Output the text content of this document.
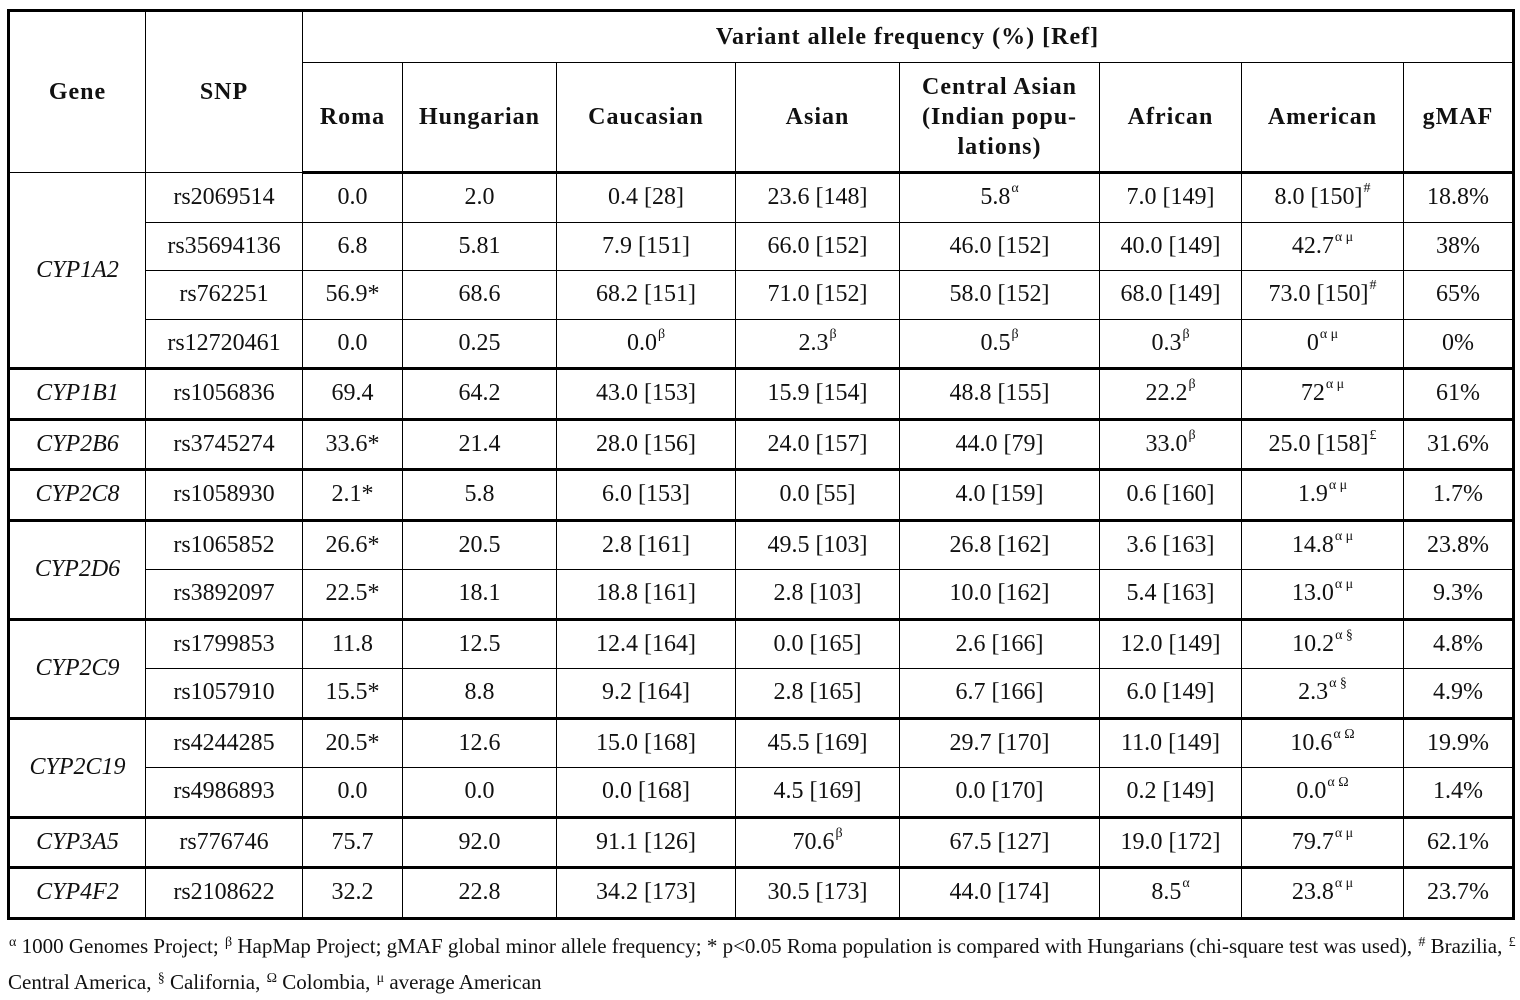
Gene	SNP	Variant allele frequency (%) [Ref]							
		Roma	Hungarian	Caucasian	Asian	Central Asian (Indian popu-lations)	African	American	gMAF
CYP1A2	rs2069514	0.0	2.0	0.4 [28]	23.6 [148]	$5.8^\alpha$	7.0 [149]	8.0 [150]#	18.8%
	rs35694136	6.8	5.81	7.9 [151]	66.0 [152]	46.0 [152]	40.0 [149]	$42.7^{\alpha \mu}$	38%
	rs762251	56.9*	68.6	68.2 [151]	71.0 [152]	58.0 [152]	68.0 [149]	73.0 [150]#	65%
	rs12720461	0.0	0.25	$0.0^\beta$	$2.3^\beta$	$0.5^\beta$	$0.3^\beta$	$0^{\alpha \mu}$	0%
CYP1B1	rs1056836	69.4	64.2	43.0 [153]	15.9 [154]	48.8 [155]	$22.2^\beta$	$72^{\alpha \mu}$	61%
CYP2B6	rs3745274	33.6*	21.4	28.0 [156]	24.0 [157]	44.0 [79]	$33.0^\beta$	25.0 [158]£	31.6%
CYP2C8	rs1058930	2.1*	5.8	6.0 [153]	0.0 [55]	4.0 [159]	0.6 [160]	$1.9^{\alpha \mu}$	1.7%
CYP2D6	rs1065852	26.6*	20.5	2.8 [161]	49.5 [103]	26.8 [162]	3.6 [163]	$14.8^{\alpha \mu}$	23.8%
	rs3892097	22.5*	18.1	18.8 [161]	2.8 [103]	10.0 [162]	5.4 [163]	$13.0^{\alpha \mu}$	9.3%
CYP2C9	rs1799853	11.8	12.5	12.4 [164]	0.0 [165]	2.6 [166]	12.0 [149]	$10.2^{\alpha \S}$	4.8%
	rs1057910	15.5*	8.8	9.2 [164]	2.8 [165]	6.7 [166]	6.0 [149]	$2.3^{\alpha \S}$	4.9%
CYP2C19	rs4244285	20.5*	12.6	15.0 [168]	45.5 [169]	29.7 [170]	11.0 [149]	$10.6^{\alpha \Omega}$	19.9%
	rs4986893	0.0	0.0	0.0 [168]	4.5 [169]	0.0 [170]	0.2 [149]	$0.0^{\alpha \Omega}$	1.4%
CYP3A5	rs776746	75.7	92.0	91.1 [126]	$70.6^\beta$	67.5 [127]	19.0 [172]	$79.7^{\alpha \mu}$	62.1%
CYP4F2	rs2108622	32.2	22.8	34.2 [173]	30.5 [173]	44.0 [174]	$8.5^\alpha$	$23.8^{\alpha \mu}$	23.7%
$^\alpha$ 1000 Genomes Project; $^\beta$ HapMap Project; gMAF global minor allele frequency; * p<0.05 Roma population is compared with Hungarians (chi-square test was used), # Brazilia, £ Central America, § California, $^\Omega$ Colombia, $^\mu$ average American
